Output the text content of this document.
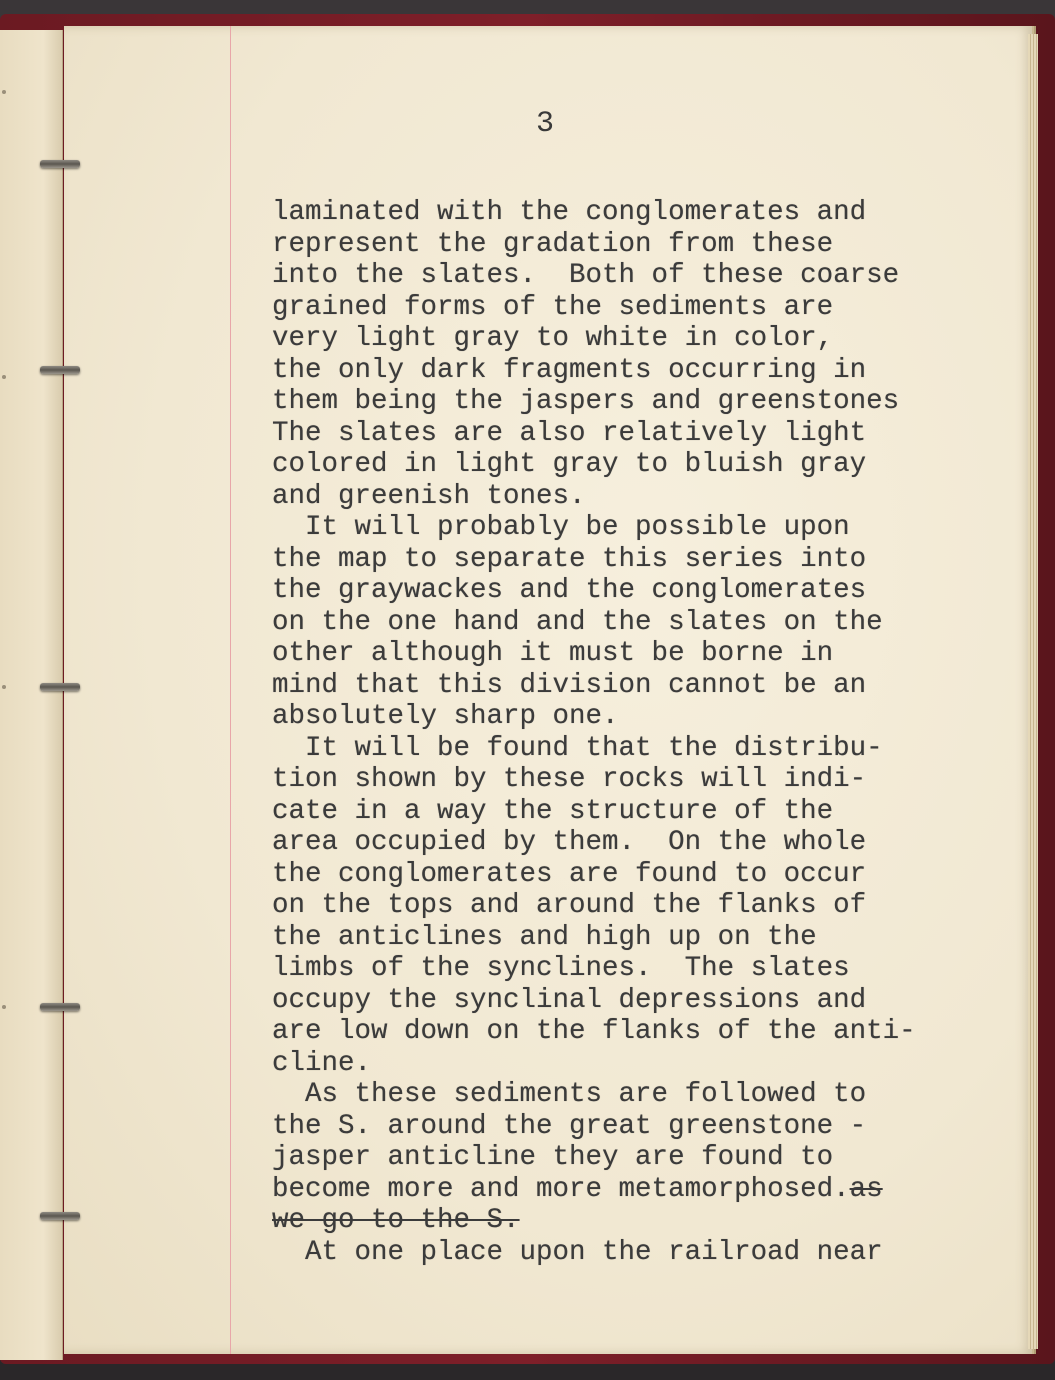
3

laminated with the conglomerates and
represent the gradation from these
into the slates.  Both of these coarse
grained forms of the sediments are
very light gray to white in color,
the only dark fragments occurring in
them being the jaspers and greenstones
The slates are also relatively light
colored in light gray to bluish gray
and greenish tones.
It will probably be possible upon
the map to separate this series into
the graywackes and the conglomerates
on the one hand and the slates on the
other although it must be borne in
mind that this division cannot be an
absolutely sharp one.
It will be found that the distribu-
tion shown by these rocks will indi-
cate in a way the structure of the
area occupied by them.  On the whole
the conglomerates are found to occur
on the tops and around the flanks of
the anticlines and high up on the
limbs of the synclines.  The slates
occupy the synclinal depressions and
are low down on the flanks of the anti-
cline.
As these sediments are followed to
the S. around the great greenstone -
jasper anticline they are found to
become more and more metamorphosed.as
we go to the S.
At one place upon the railroad near
